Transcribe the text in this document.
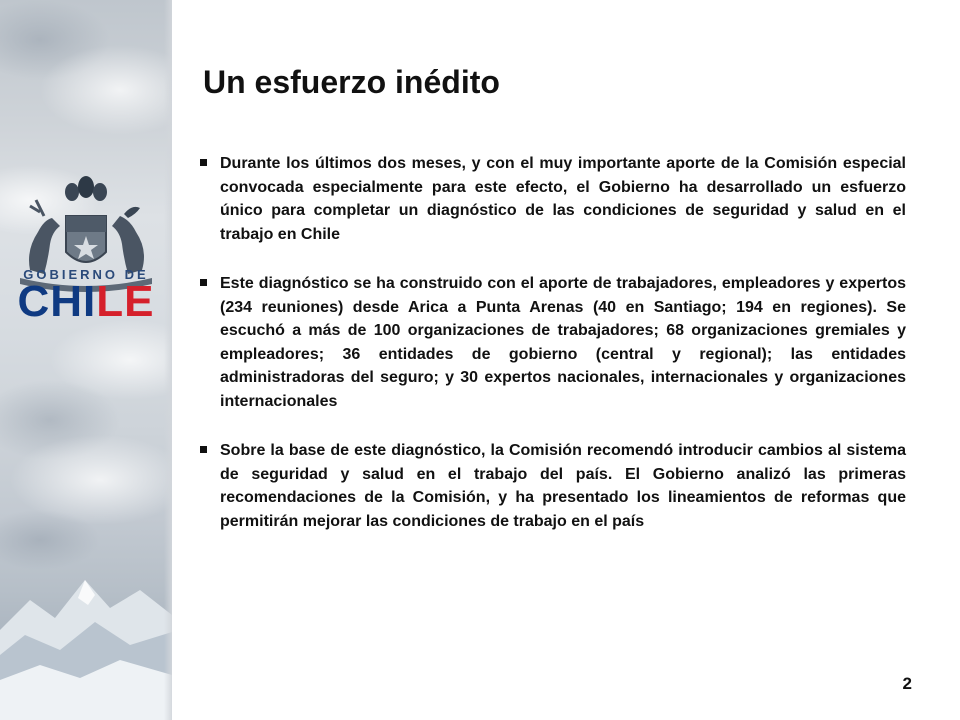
GOBIERNO DE
CHILE
Un esfuerzo inédito
Durante los últimos dos meses, y con el muy importante aporte de la Comisión especial convocada especialmente para este efecto, el Gobierno ha desarrollado un esfuerzo único para completar un diagnóstico de las condiciones de seguridad y salud en el trabajo en Chile
Este diagnóstico se ha construido con el aporte de trabajadores, empleadores y expertos (234 reuniones) desde Arica a Punta Arenas (40 en Santiago; 194 en regiones). Se escuchó a más de 100 organizaciones de trabajadores; 68 organizaciones gremiales y empleadores; 36 entidades de gobierno (central y regional); las entidades administradoras del seguro; y 30 expertos nacionales, internacionales y organizaciones internacionales
Sobre la base de este diagnóstico, la Comisión recomendó introducir cambios al sistema de seguridad y salud en el trabajo del país. El Gobierno analizó las primeras recomendaciones de la Comisión, y ha presentado los lineamientos de reformas que permitirán mejorar las condiciones de trabajo en el país
2
